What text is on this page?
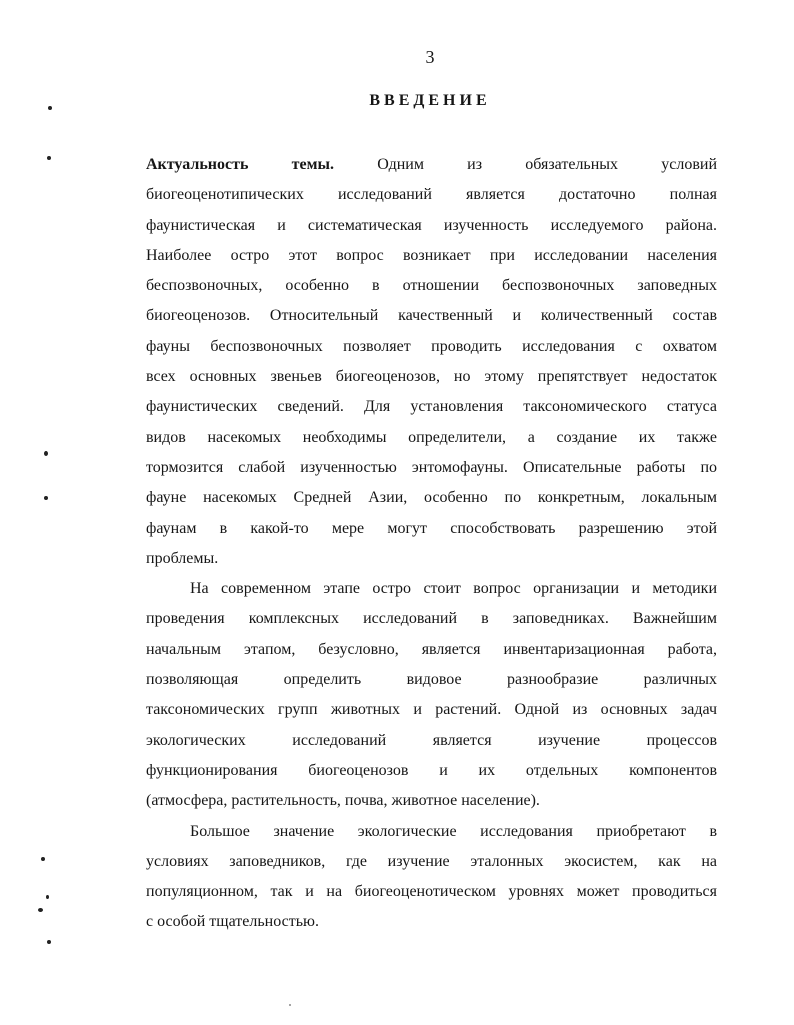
3
ВВЕДЕНИЕ
Актуальность темы.	Одним из обязательных условий
биогеоценотипических исследований является достаточно полная
фаунистическая и систематическая изученность исследуемого района.
Наиболее остро этот вопрос возникает при исследовании населения
беспозвоночных, особенно в отношении беспозвоночных заповедных
биогеоценозов. Относительный качественный и количественный состав
фауны беспозвоночных позволяет проводить исследования с охватом
всех основных звеньев биогеоценозов, но этому препятствует недостаток
фаунистических сведений. Для установления таксономического статуса
видов насекомых необходимы определители, а создание их также
тормозится слабой изученностью энтомофауны. Описательные работы по
фауне насекомых Средней Азии, особенно по конкретным, локальным
фаунам в какой-то мере могут способствовать разрешению этой
проблемы.
На современном этапе остро стоит вопрос организации и методики
проведения комплексных исследований в заповедниках. Важнейшим
начальным этапом, безусловно, является инвентаризационная работа,
позволяющая определить видовое разнообразие различных
таксономических групп животных и растений. Одной из основных задач
экологических исследований является изучение процессов
функционирования биогеоценозов и их отдельных компонентов
(атмосфера, растительность, почва, животное население).
Большое значение экологические исследования приобретают в
условиях заповедников, где изучение эталонных экосистем, как на
популяционном, так и на биогеоценотическом уровнях может проводиться
с особой тщательностью.
